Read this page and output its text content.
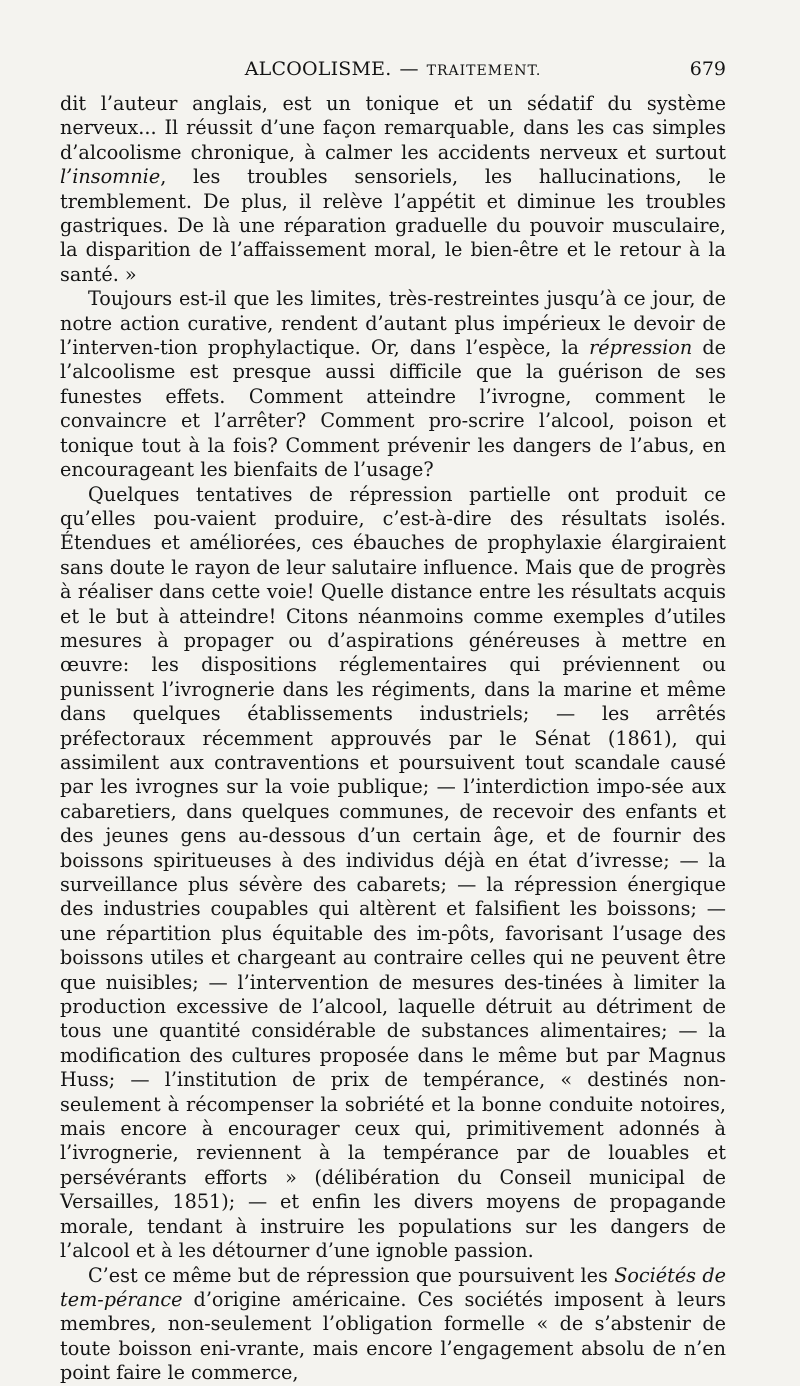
ALCOOLISME. — TRAITEMENT.	679

dit l’auteur anglais, est un tonique et un sédatif du système nerveux... Il réussit d’une façon remarquable, dans les cas simples d’alcoolisme chronique, à calmer les accidents nerveux et surtout l’insomnie, les troubles sensoriels, les hallucinations, le tremblement. De plus, il relève l’appétit et diminue les troubles gastriques. De là une réparation graduelle du pouvoir musculaire, la disparition de l’affaissement moral, le bien-être et le retour à la santé. »

Toujours est-il que les limites, très-restreintes jusqu’à ce jour, de notre action curative, rendent d’autant plus impérieux le devoir de l’interven-tion prophylactique. Or, dans l’espèce, la répression de l’alcoolisme est presque aussi difficile que la guérison de ses funestes effets. Comment atteindre l’ivrogne, comment le convaincre et l’arrêter? Comment pro-scrire l’alcool, poison et tonique tout à la fois? Comment prévenir les dangers de l’abus, en encourageant les bienfaits de l’usage?

Quelques tentatives de répression partielle ont produit ce qu’elles pou-vaient produire, c’est-à-dire des résultats isolés. Étendues et améliorées, ces ébauches de prophylaxie élargiraient sans doute le rayon de leur salutaire influence. Mais que de progrès à réaliser dans cette voie! Quelle distance entre les résultats acquis et le but à atteindre! Citons néanmoins comme exemples d’utiles mesures à propager ou d’aspirations généreuses à mettre en œuvre: les dispositions réglementaires qui préviennent ou punissent l’ivrognerie dans les régiments, dans la marine et même dans quelques établissements industriels; — les arrêtés préfectoraux récemment approuvés par le Sénat (1861), qui assimilent aux contraventions et poursuivent tout scandale causé par les ivrognes sur la voie publique; — l’interdiction impo-sée aux cabaretiers, dans quelques communes, de recevoir des enfants et des jeunes gens au-dessous d’un certain âge, et de fournir des boissons spiritueuses à des individus déjà en état d’ivresse; — la surveillance plus sévère des cabarets; — la répression énergique des industries coupables qui altèrent et falsifient les boissons; — une répartition plus équitable des im-pôts, favorisant l’usage des boissons utiles et chargeant au contraire celles qui ne peuvent être que nuisibles; — l’intervention de mesures des-tinées à limiter la production excessive de l’alcool, laquelle détruit au détriment de tous une quantité considérable de substances alimentaires; — la modification des cultures proposée dans le même but par Magnus Huss; — l’institution de prix de tempérance, « destinés non-seulement à récompenser la sobriété et la bonne conduite notoires, mais encore à encourager ceux qui, primitivement adonnés à l’ivrognerie, reviennent à la tempérance par de louables et persévérants efforts » (délibération du Conseil municipal de Versailles, 1851); — et enfin les divers moyens de propagande morale, tendant à instruire les populations sur les dangers de l’alcool et à les détourner d’une ignoble passion.

C’est ce même but de répression que poursuivent les Sociétés de tem-pérance d’origine américaine. Ces sociétés imposent à leurs membres, non-seulement l’obligation formelle « de s’abstenir de toute boisson eni-vrante, mais encore l’engagement absolu de n’en point faire le commerce,
